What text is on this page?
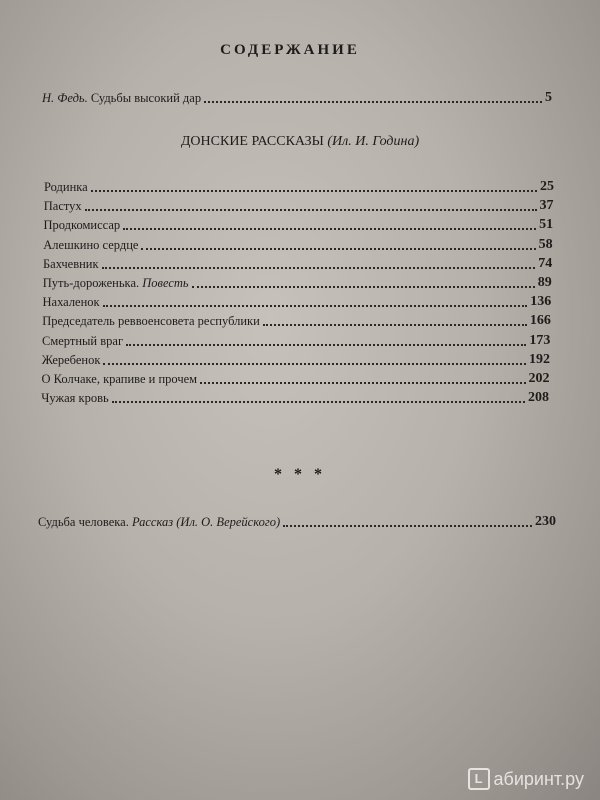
СОДЕРЖАНИЕ
Н. Федь. Судьбы высокий дар	5
ДОНСКИЕ РАССКАЗЫ (Ил. И. Година)
Родинка	25
Пастух	37
Продкомиссар	51
Алешкино сердце	58
Бахчевник	74
Путь-дороженька. Повесть	89
Нахаленок	136
Председатель реввоенсовета республики	166
Смертный враг	173
Жеребенок	192
О Колчаке, крапиве и прочем	202
Чужая кровь	208
* * *
Судьба человека. Рассказ (Ил. О. Верейского)	230
L абиринт.ру
